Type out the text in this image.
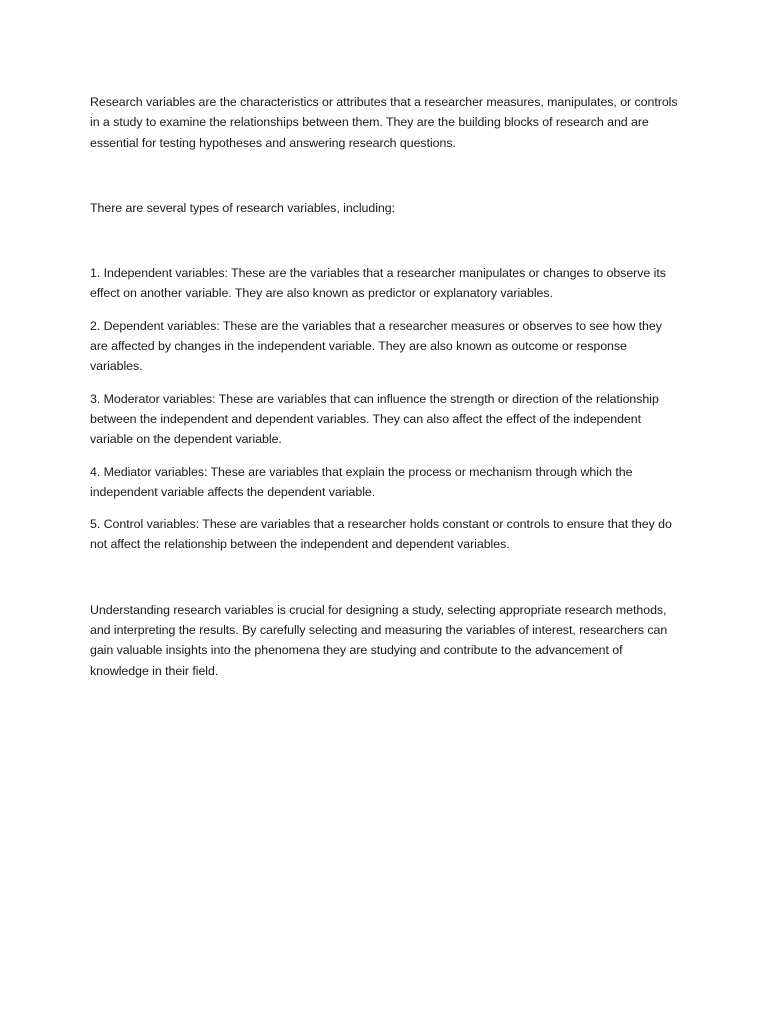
Research variables are the characteristics or attributes that a researcher measures, manipulates, or controls in a study to examine the relationships between them. They are the building blocks of research and are essential for testing hypotheses and answering research questions.

There are several types of research variables, including:

1. Independent variables: These are the variables that a researcher manipulates or changes to observe its effect on another variable. They are also known as predictor or explanatory variables.

2. Dependent variables: These are the variables that a researcher measures or observes to see how they are affected by changes in the independent variable. They are also known as outcome or response variables.

3. Moderator variables: These are variables that can influence the strength or direction of the relationship between the independent and dependent variables. They can also affect the effect of the independent variable on the dependent variable.

4. Mediator variables: These are variables that explain the process or mechanism through which the independent variable affects the dependent variable.

5. Control variables: These are variables that a researcher holds constant or controls to ensure that they do not affect the relationship between the independent and dependent variables.

Understanding research variables is crucial for designing a study, selecting appropriate research methods, and interpreting the results. By carefully selecting and measuring the variables of interest, researchers can gain valuable insights into the phenomena they are studying and contribute to the advancement of knowledge in their field.
